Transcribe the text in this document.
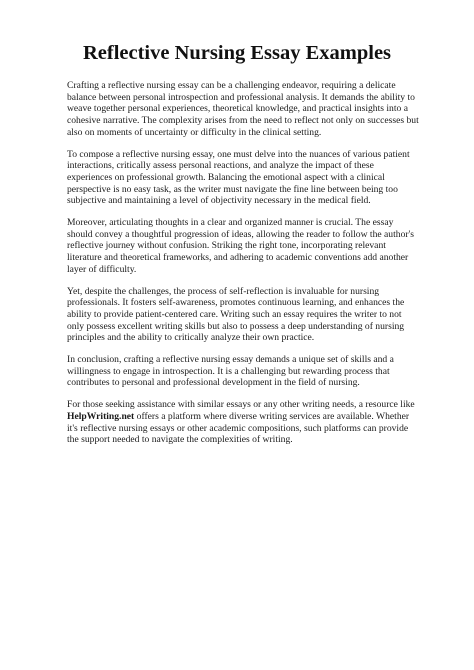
Reflective Nursing Essay Examples

Crafting a reflective nursing essay can be a challenging endeavor, requiring a delicate balance between personal introspection and professional analysis. It demands the ability to weave together personal experiences, theoretical knowledge, and practical insights into a cohesive narrative. The complexity arises from the need to reflect not only on successes but also on moments of uncertainty or difficulty in the clinical setting.

To compose a reflective nursing essay, one must delve into the nuances of various patient interactions, critically assess personal reactions, and analyze the impact of these experiences on professional growth. Balancing the emotional aspect with a clinical perspective is no easy task, as the writer must navigate the fine line between being too subjective and maintaining a level of objectivity necessary in the medical field.

Moreover, articulating thoughts in a clear and organized manner is crucial. The essay should convey a thoughtful progression of ideas, allowing the reader to follow the author's reflective journey without confusion. Striking the right tone, incorporating relevant literature and theoretical frameworks, and adhering to academic conventions add another layer of difficulty.

Yet, despite the challenges, the process of self-reflection is invaluable for nursing professionals. It fosters self-awareness, promotes continuous learning, and enhances the ability to provide patient-centered care. Writing such an essay requires the writer to not only possess excellent writing skills but also to possess a deep understanding of nursing principles and the ability to critically analyze their own practice.

In conclusion, crafting a reflective nursing essay demands a unique set of skills and a willingness to engage in introspection. It is a challenging but rewarding process that contributes to personal and professional development in the field of nursing.

For those seeking assistance with similar essays or any other writing needs, a resource like HelpWriting.net offers a platform where diverse writing services are available. Whether it's reflective nursing essays or other academic compositions, such platforms can provide the support needed to navigate the complexities of writing.
